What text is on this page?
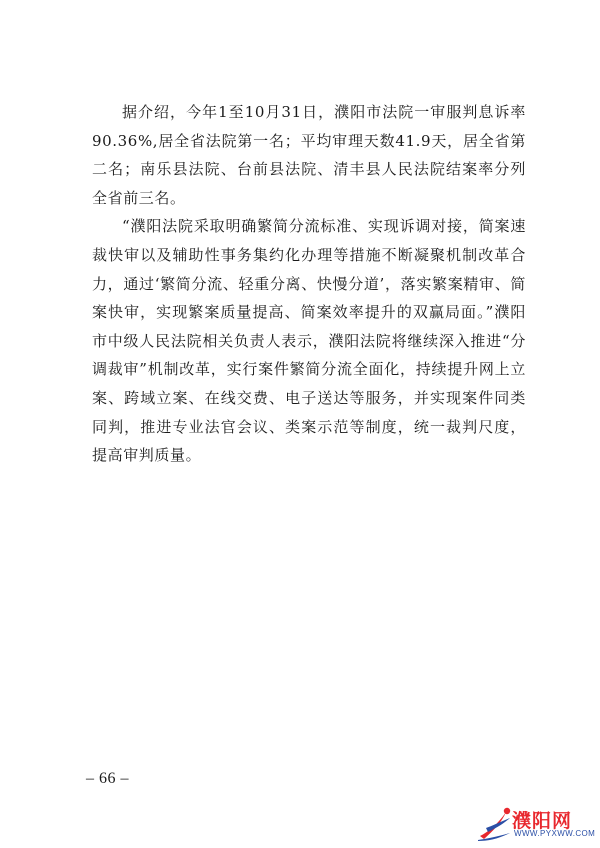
据介绍，今年1至10月31日，濮阳市法院一审服判息诉率90.36%,居全省法院第一名；平均审理天数41.9天，居全省第二名；南乐县法院、台前县法院、清丰县人民法院结案率分列全省前三名。

“濮阳法院采取明确繁简分流标准、实现诉调对接，简案速裁快审以及辅助性事务集约化办理等措施不断凝聚机制改革合力，通过‘繁简分流、轻重分离、快慢分道’，落实繁案精审、简案快审，实现繁案质量提高、简案效率提升的双赢局面。”濮阳市中级人民法院相关负责人表示，濮阳法院将继续深入推进“分调裁审”机制改革，实行案件繁简分流全面化，持续提升网上立案、跨域立案、在线交费、电子送达等服务，并实现案件同类同判，推进专业法官会议、类案示范等制度，统一裁判尺度，提高审判质量。

– 66 –
濮阳网
WWW.PYXWW.COM
